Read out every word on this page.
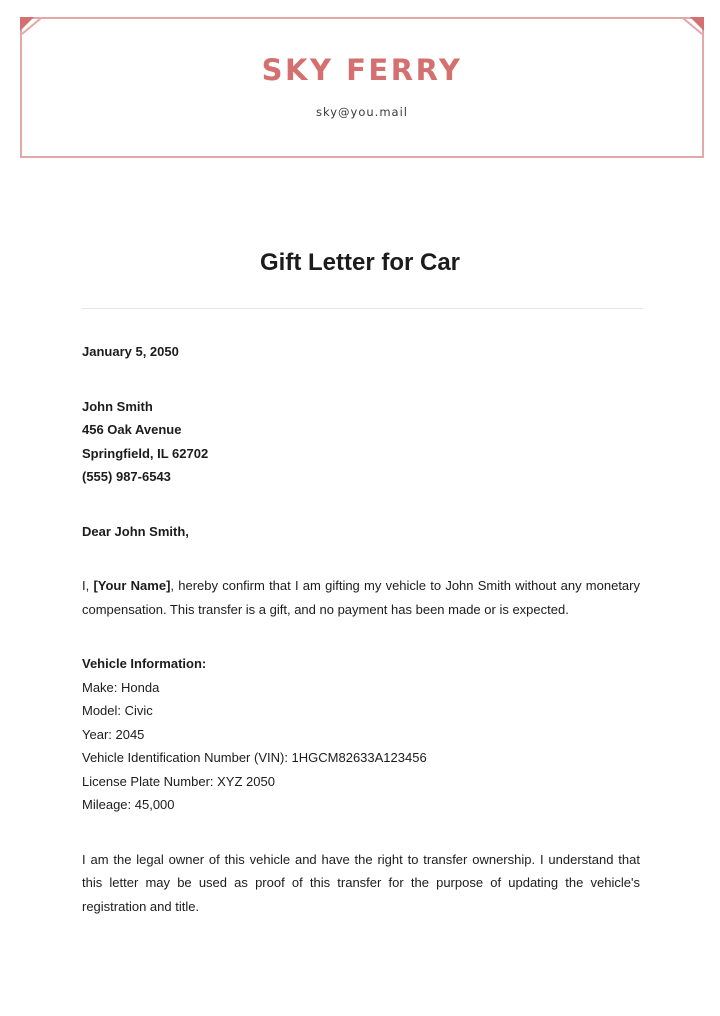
SKY FERRY
sky@you.mail
Gift Letter for Car

January 5, 2050

John Smith
456 Oak Avenue
Springfield, IL 62702
(555) 987-6543

Dear John Smith,

I, [Your Name], hereby confirm that I am gifting my vehicle to John Smith without any monetary compensation. This transfer is a gift, and no payment has been made or is expected.

Vehicle Information:
Make: Honda
Model: Civic
Year: 2045
Vehicle Identification Number (VIN): 1HGCM82633A123456
License Plate Number: XYZ 2050
Mileage: 45,000

I am the legal owner of this vehicle and have the right to transfer ownership. I understand that this letter may be used as proof of this transfer for the purpose of updating the vehicle's registration and title.
